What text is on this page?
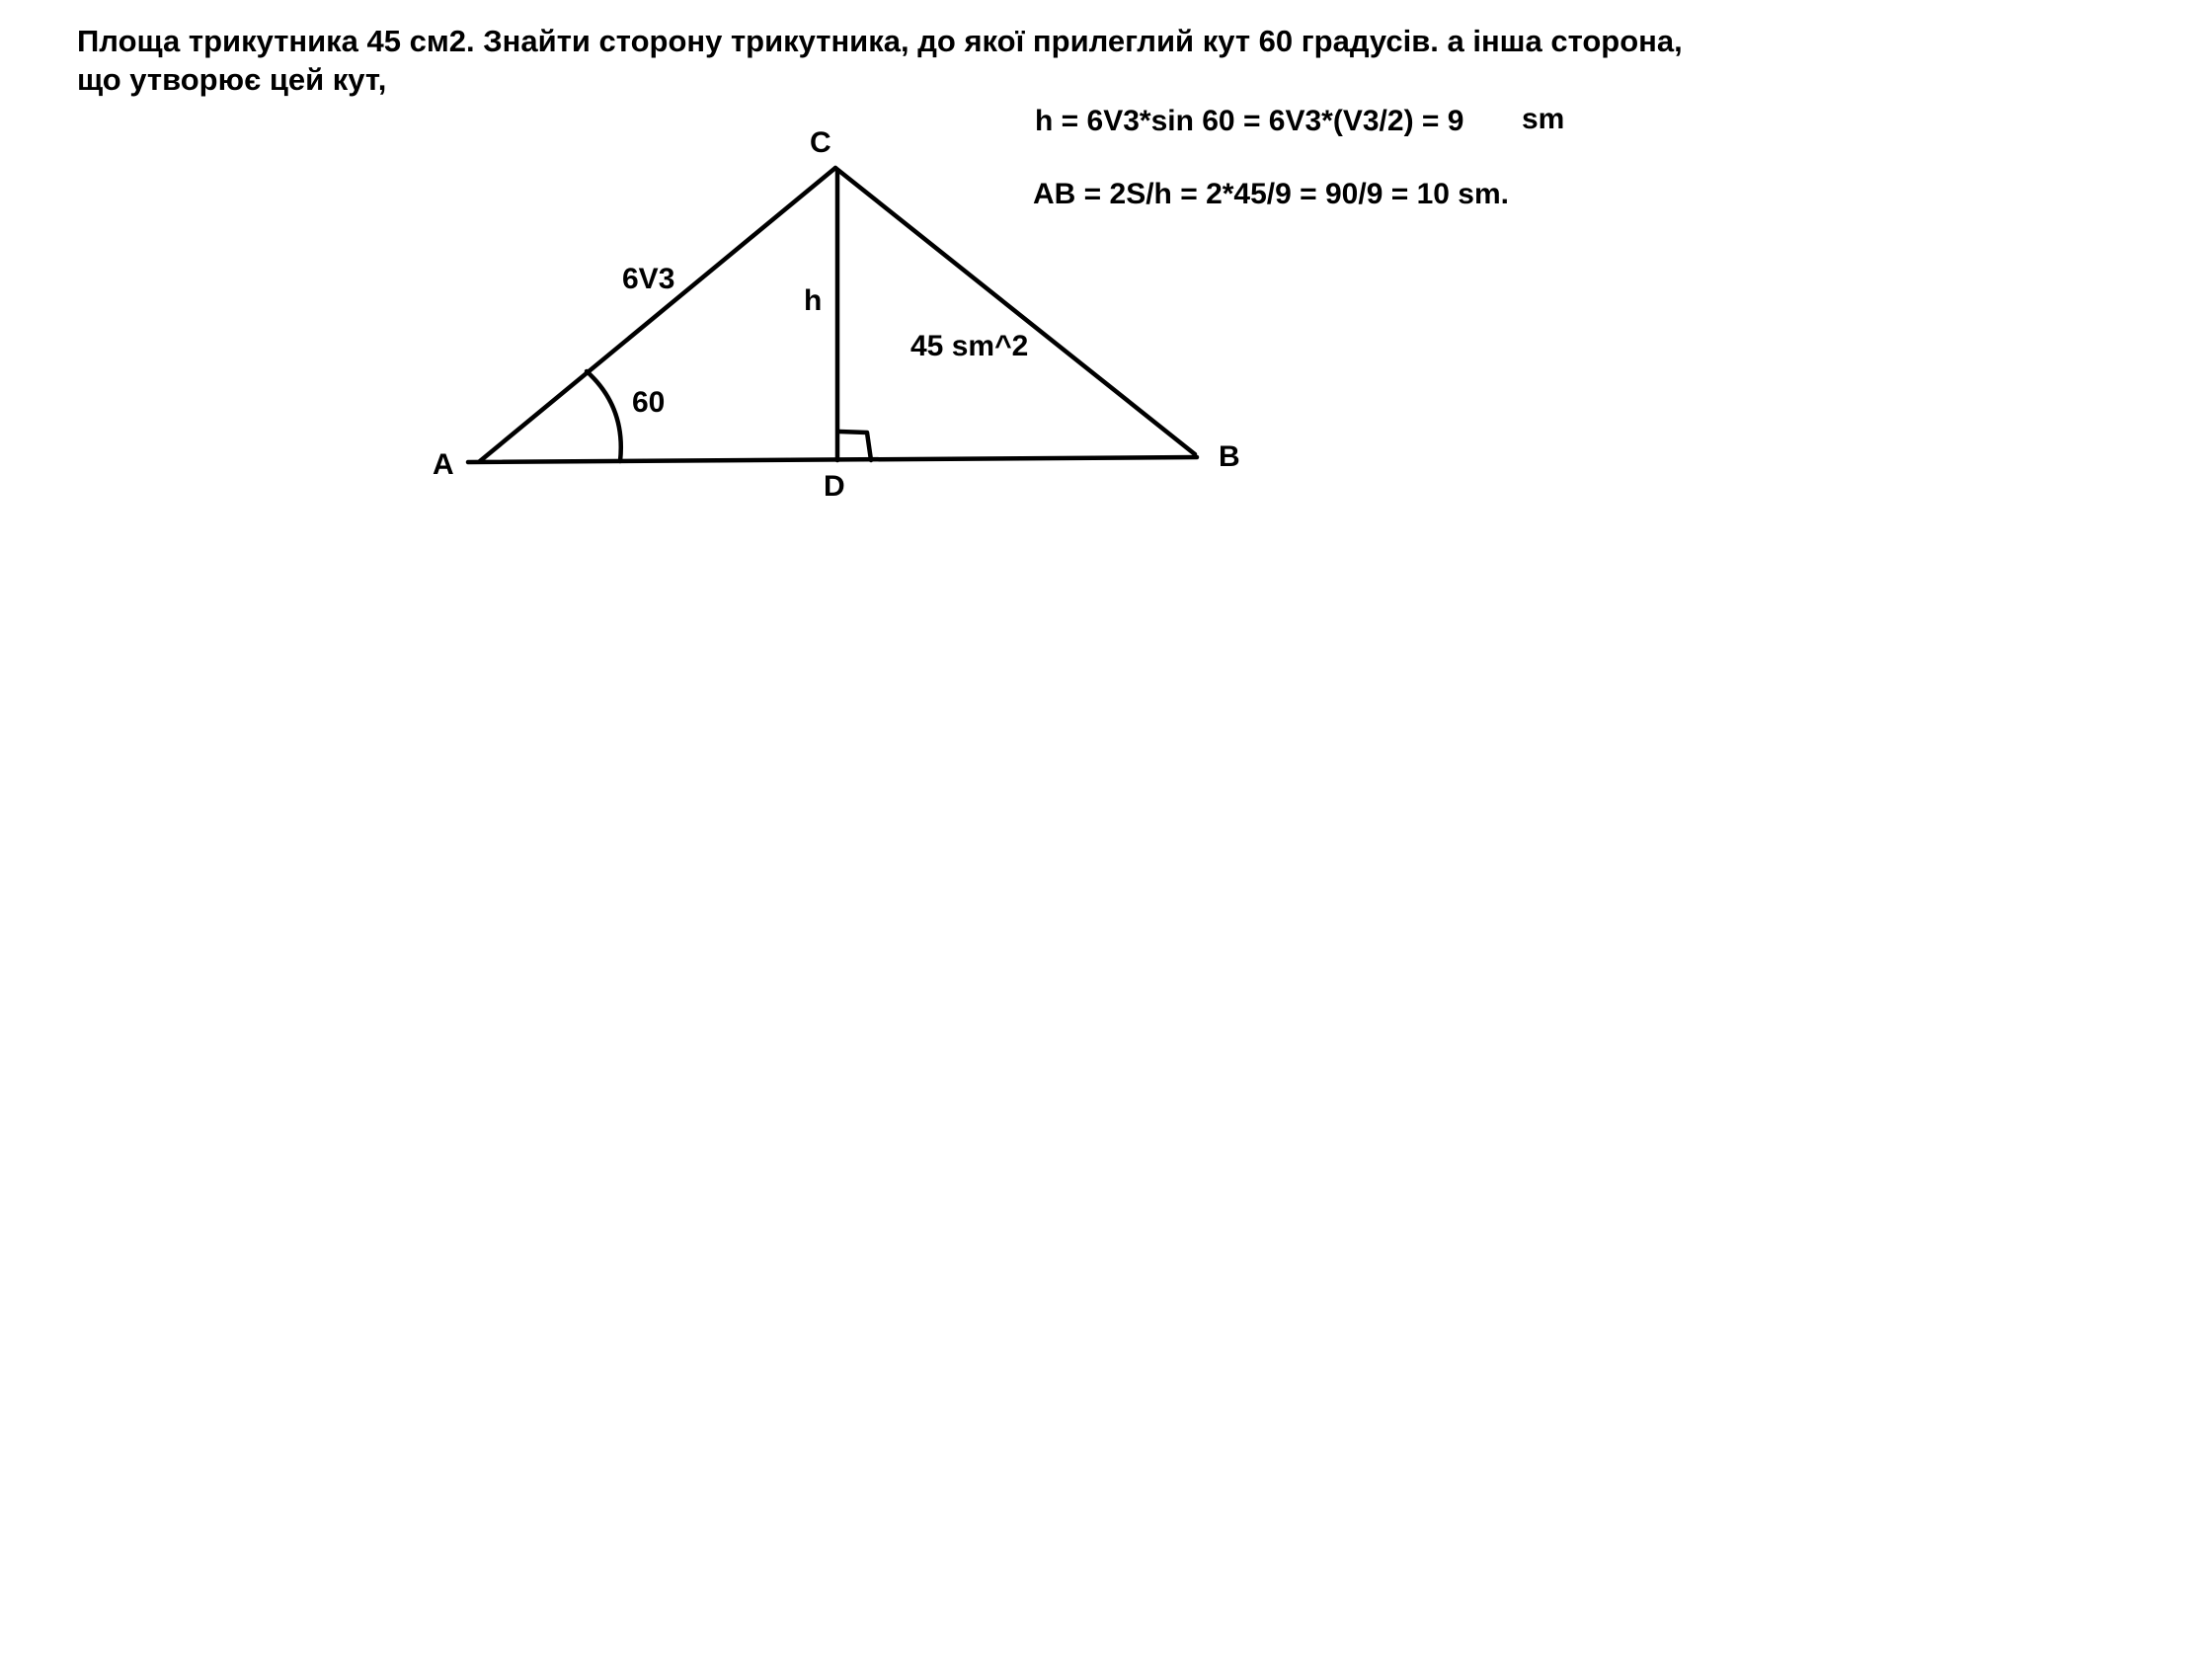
Площа трикутника 45 см2. Знайти сторону трикутника, до якої прилеглий кут 60 градусів. а інша сторона,
що утворює цей кут,
h = 6V3*sin 60 = 6V3*(V3/2) = 9 sm
AB = 2S/h = 2*45/9 = 90/9 = 10 sm.
A	B
C
D
6V3
h
60
45 sm^2
